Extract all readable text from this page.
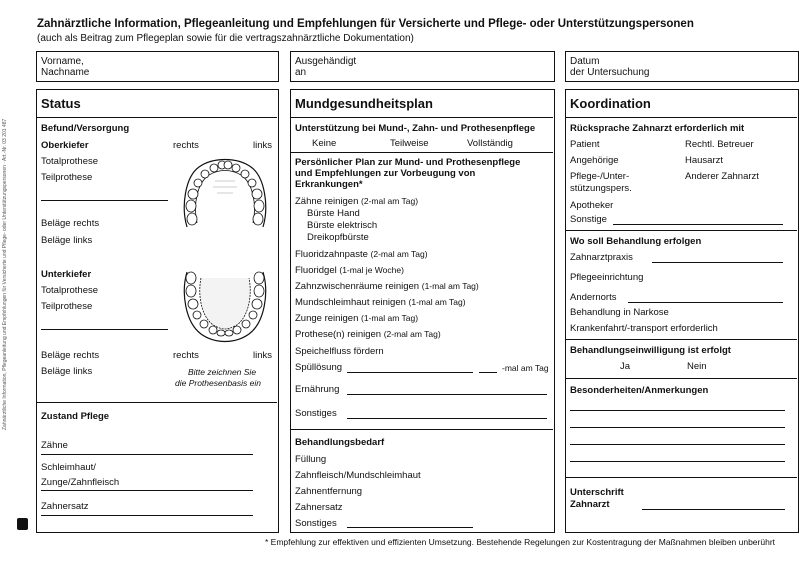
Zahnärztliche Information, Pflegeanleitung und Empfehlungen für Versicherte und Pflege- oder Unterstützungspersonen
(auch als Beitrag zum Pflegeplan sowie für die vertragszahnärztliche Dokumentation)
Zahnärztliche Information, Pflegeanleitung und Empfehlungen für Versicherte und Pflege- oder Unterstützungspersonen · Art.-Nr. 03 201 487
Vorname,
Nachname
Ausgehändigt
an
Datum
der Untersuchung
Status
Befund/Versorgung
Oberkiefer	rechts	links
Totalprothese
Teilprothese
Beläge rechts
Beläge links
Unterkiefer
Totalprothese
Teilprothese
Beläge rechts	rechts	links
Beläge links	Bitte zeichnen Sie
die Prothesenbasis ein
Zustand Pflege
Zähne
Schleimhaut/
Zunge/Zahnfleisch
Zahnersatz
Mundgesundheitsplan
Unterstützung bei Mund-, Zahn- und Prothesenpflege
Keine	Teilweise	Vollständig
Persönlicher Plan zur Mund- und Prothesenpflege
und Empfehlungen zur Vorbeugung von
Erkrankungen*
Zähne reinigen (2-mal am Tag)
Bürste Hand
Bürste elektrisch
Dreikopfbürste
Fluoridzahnpaste (2-mal am Tag)
Fluoridgel (1-mal je Woche)
Zahnzwischenräume reinigen (1-mal am Tag)
Mundschleimhaut reinigen (1-mal am Tag)
Zunge reinigen (1-mal am Tag)
Prothese(n) reinigen (2-mal am Tag)
Speichelfluss fördern
Spüllösung	-mal am Tag
Ernährung
Sonstiges
Behandlungsbedarf
Füllung
Zahnfleisch/Mundschleimhaut
Zahnentfernung
Zahnersatz
Sonstiges
Koordination
Rücksprache Zahnarzt erforderlich mit
Patient	Rechtl. Betreuer
Angehörige	Hausarzt
Pflege-/Unter-	Anderer Zahnarzt
stützungspers.
Apotheker
Sonstige
Wo soll Behandlung erfolgen
Zahnarztpraxis
Pflegeeinrichtung
Andernorts
Behandlung in Narkose
Krankenfahrt/-transport erforderlich
Behandlungseinwilligung ist erfolgt
Ja	Nein
Besonderheiten/Anmerkungen
Unterschrift
Zahnarzt
* Empfehlung zur effektiven und effizienten Umsetzung. Bestehende Regelungen zur Kostentragung der Maßnahmen bleiben unberührt
